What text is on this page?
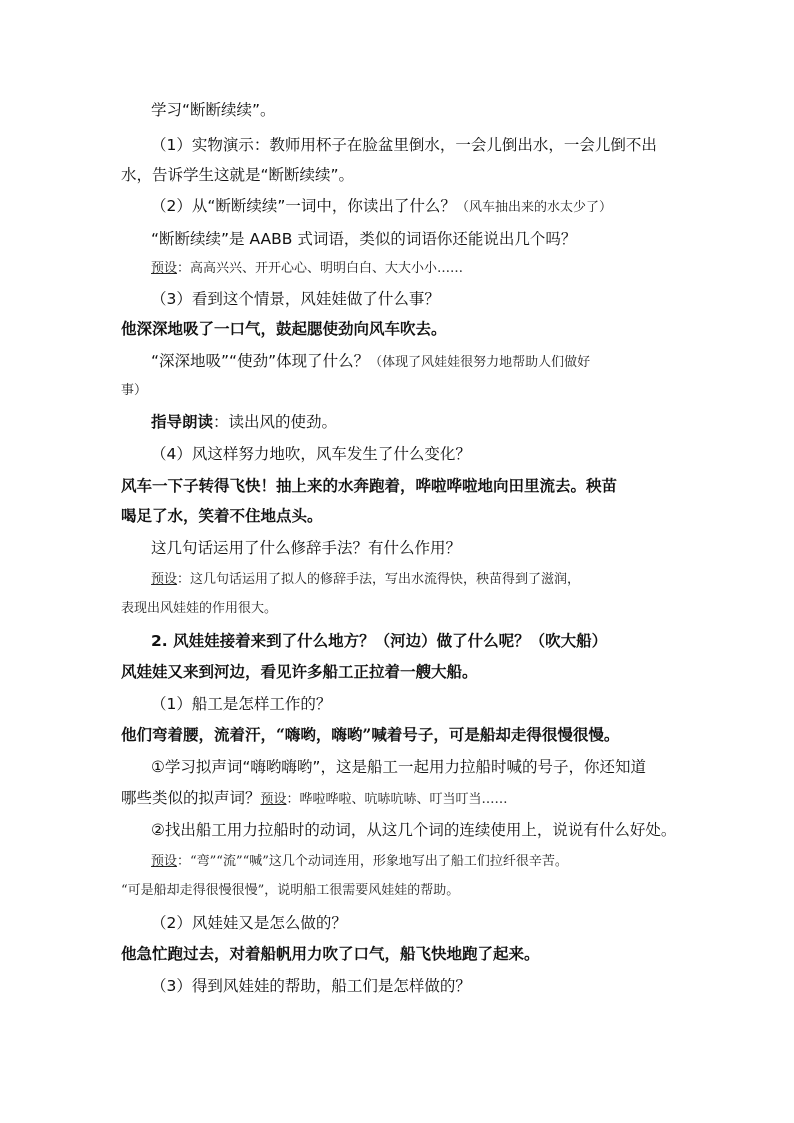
学习“断断续续”。
（1）实物演示：教师用杯子在脸盆里倒水，一会儿倒出水，一会儿倒不出
水，告诉学生这就是“断断续续”。
（2）从“断断续续”一词中，你读出了什么？（风车抽出来的水太少了）
“断断续续”是 AABB 式词语，类似的词语你还能说出几个吗？
预设：高高兴兴、开开心心、明明白白、大大小小……
（3）看到这个情景，风娃娃做了什么事？
他深深地吸了一口气，鼓起腮使劲向风车吹去。
“深深地吸”“使劲”体现了什么？（体现了风娃娃很努力地帮助人们做好
事）
指导朗读：读出风的使劲。
（4）风这样努力地吹，风车发生了什么变化？
风车一下子转得飞快！抽上来的水奔跑着，哗啦哗啦地向田里流去。秧苗
喝足了水，笑着不住地点头。
这几句话运用了什么修辞手法？有什么作用？
预设：这几句话运用了拟人的修辞手法，写出水流得快，秧苗得到了滋润，
表现出风娃娃的作用很大。
2. 风娃娃接着来到了什么地方？（河边）做了什么呢？（吹大船）
风娃娃又来到河边，看见许多船工正拉着一艘大船。
（1）船工是怎样工作的？
他们弯着腰，流着汗，“嗨哟，嗨哟”喊着号子，可是船却走得很慢很慢。
①学习拟声词“嗨哟嗨哟”，这是船工一起用力拉船时喊的号子，你还知道
哪些类似的拟声词？预设：哗啦哗啦、吭哧吭哧、叮当叮当……
②找出船工用力拉船时的动词，从这几个词的连续使用上，说说有什么好处。
预设：“弯”“流”“喊”这几个动词连用，形象地写出了船工们拉纤很辛苦。
“可是船却走得很慢很慢”，说明船工很需要风娃娃的帮助。
（2）风娃娃又是怎么做的？
他急忙跑过去，对着船帆用力吹了口气，船飞快地跑了起来。
（3）得到风娃娃的帮助，船工们是怎样做的？
